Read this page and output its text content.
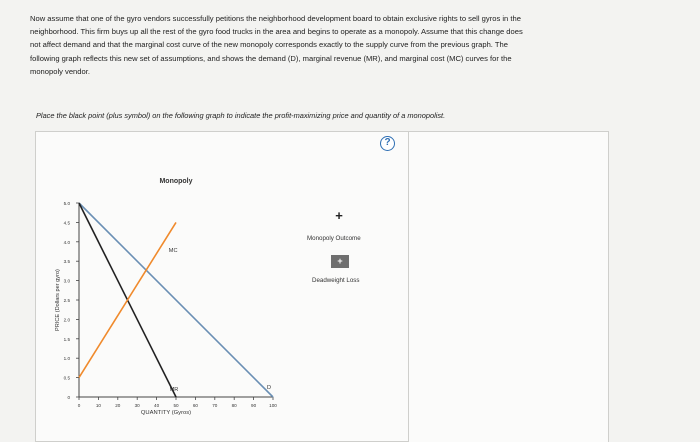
Now assume that one of the gyro vendors successfully petitions the neighborhood development board to obtain exclusive rights to sell gyros in the
neighborhood. This firm buys up all the rest of the gyro food trucks in the area and begins to operate as a monopoly. Assume that this change does
not affect demand and that the marginal cost curve of the new monopoly corresponds exactly to the supply curve from the previous graph. The
following graph reflects this new set of assumptions, and shows the demand (D), marginal revenue (MR), and marginal cost (MC) curves for the
monopoly vendor.
Place the black point (plus symbol) on the following graph to indicate the profit-maximizing price and quantity of a monopolist.
?
Monopoly
0
0.5
1.0
1.5
2.0
2.5
3.0
3.5
4.0
4.5
5.0
0	10	20	30	40	50	60	70	80	90	100
QUANTITY (Gyros)
PRICE (Dollars per gyro)
D
MR
MC
+
Monopoly Outcome
+
Deadweight Loss
